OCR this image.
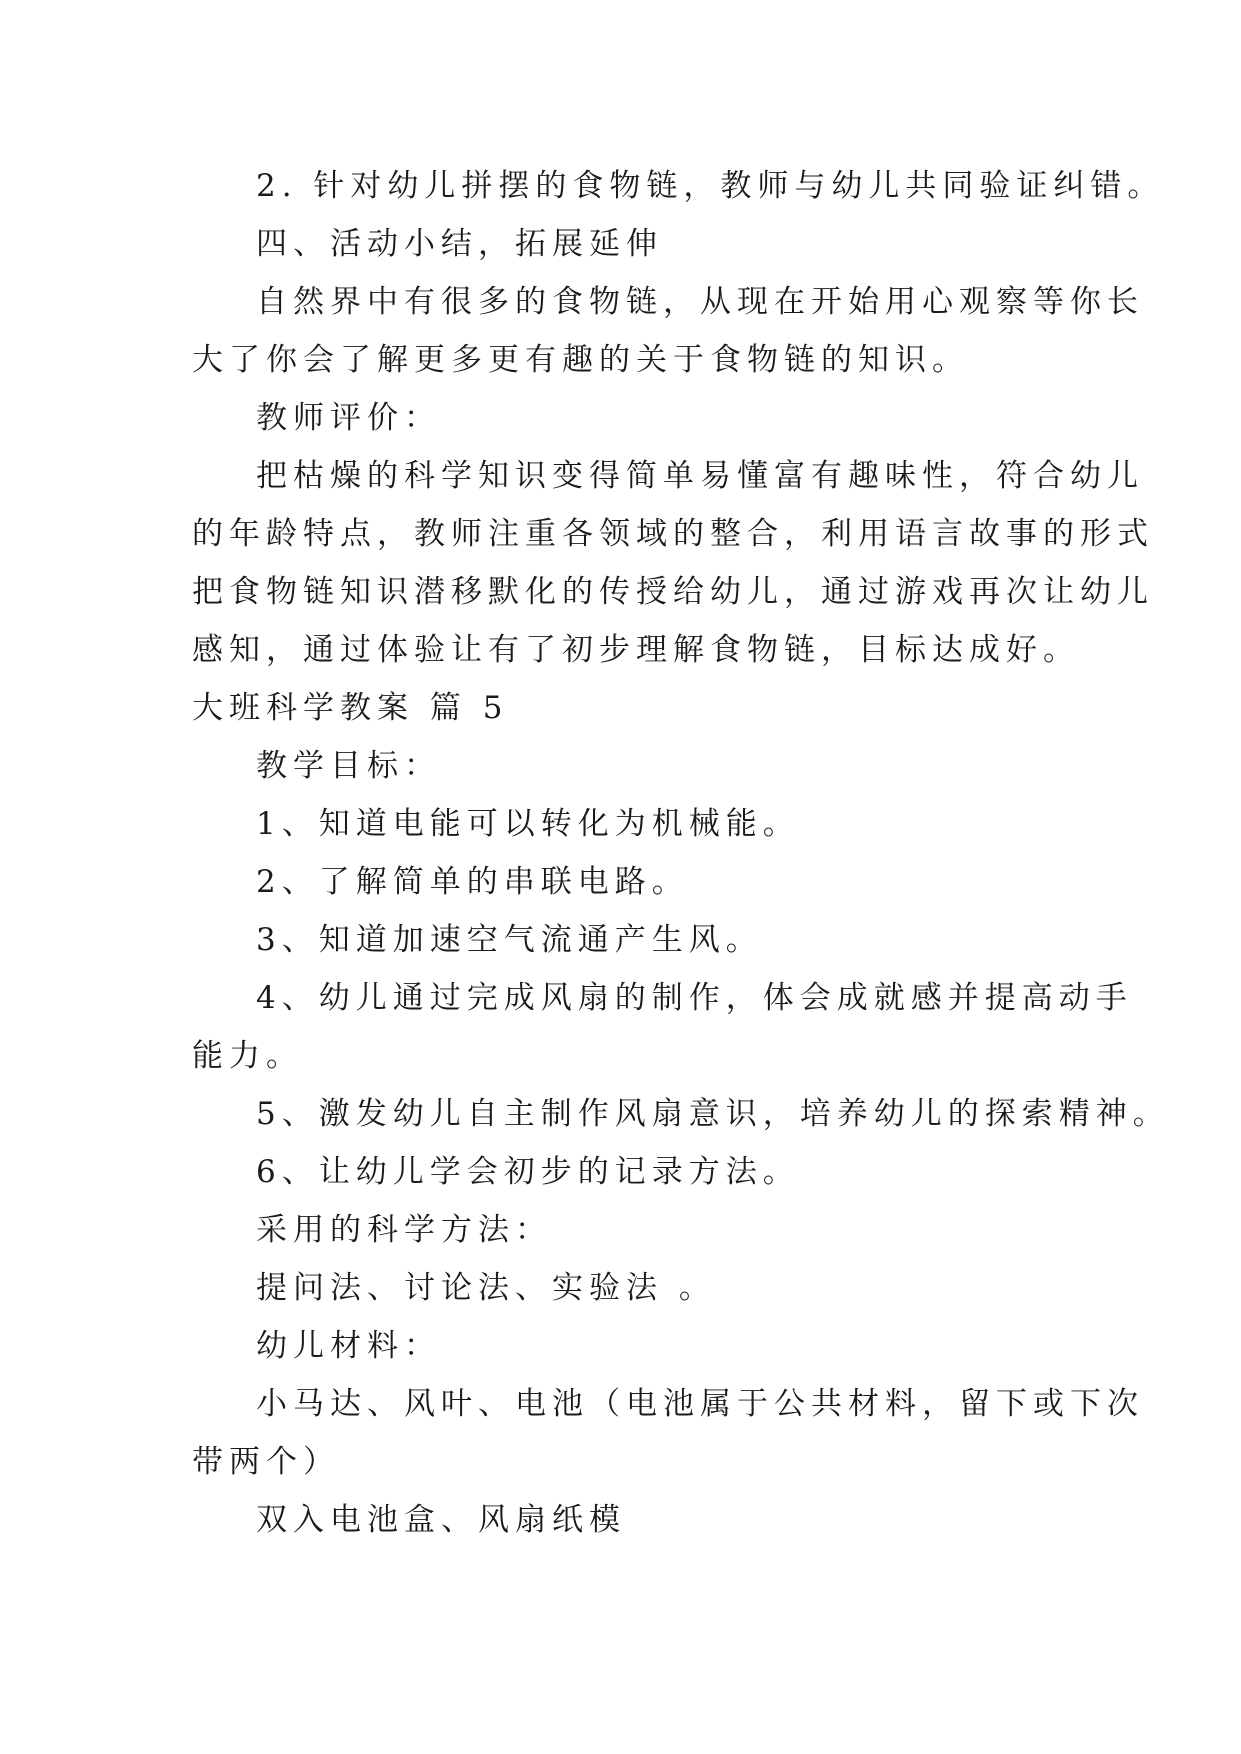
2. 针对幼儿拼摆的食物链，教师与幼儿共同验证纠错。
四、活动小结，拓展延伸
自然界中有很多的食物链，从现在开始用心观察等你长
大了你会了解更多更有趣的关于食物链的知识。
教师评价：
把枯燥的科学知识变得简单易懂富有趣味性，符合幼儿
的年龄特点，教师注重各领域的整合，利用语言故事的形式
把食物链知识潜移默化的传授给幼儿，通过游戏再次让幼儿
感知，通过体验让有了初步理解食物链，目标达成好。
大班科学教案 篇 5
教学目标：
1、知道电能可以转化为机械能。
2、了解简单的串联电路。
3、知道加速空气流通产生风。
4、幼儿通过完成风扇的制作，体会成就感并提高动手
能力。
5、激发幼儿自主制作风扇意识，培养幼儿的探索精神。
6、让幼儿学会初步的记录方法。
采用的科学方法：
提问法、讨论法、实验法 。
幼儿材料：
小马达、风叶、电池（电池属于公共材料，留下或下次
带两个）
双入电池盒、风扇纸模
